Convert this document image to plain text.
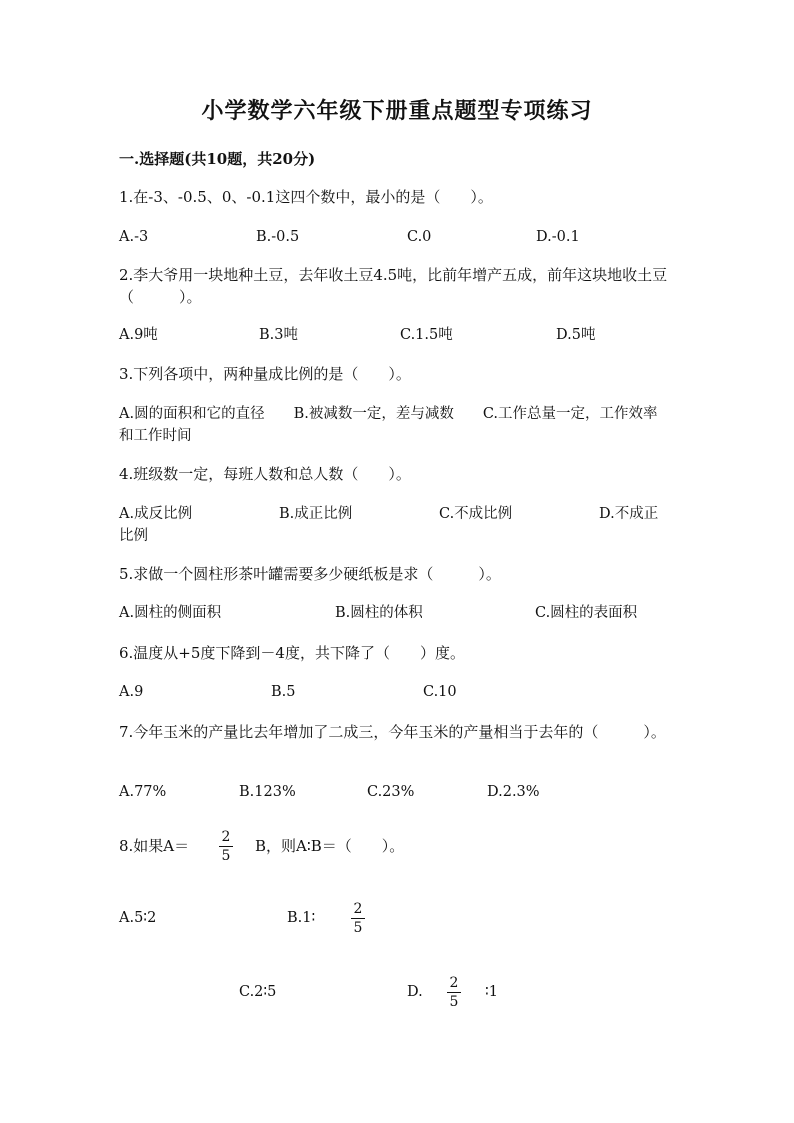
小学数学六年级下册重点题型专项练习
一.选择题(共10题，共20分)
1.在-3、-0.5、0、-0.1这四个数中，最小的是（　　）。
A.-3	B.-0.5	C.0	D.-0.1
2.李大爷用一块地种土豆，去年收土豆4.5吨，比前年增产五成，前年这块地收土豆（　　　）。
A.9吨	B.3吨	C.1.5吨	D.5吨
3.下列各项中，两种量成比例的是（　　）。
A.圆的面积和它的直径　　B.被减数一定，差与减数　　C.工作总量一定，工作效率和工作时间
4.班级数一定，每班人数和总人数（　　）。
A.成反比例	B.成正比例	C.不成比例	D.不成正
比例
5.求做一个圆柱形茶叶罐需要多少硬纸板是求（　　　）。
A.圆柱的侧面积	B.圆柱的体积	C.圆柱的表面积
6.温度从+5度下降到－4度，共下降了（　　）度。
A.9	B.5	C.10
7.今年玉米的产量比去年增加了二成三，今年玉米的产量相当于去年的（　　　）。
A.77%	B.123%	C.23%	D.2.3%
8.如果A＝	2
5
B，则A∶B＝（　　）。
A.5∶2	B.1∶
2
5
C.2∶5	D.
2
5
∶1
